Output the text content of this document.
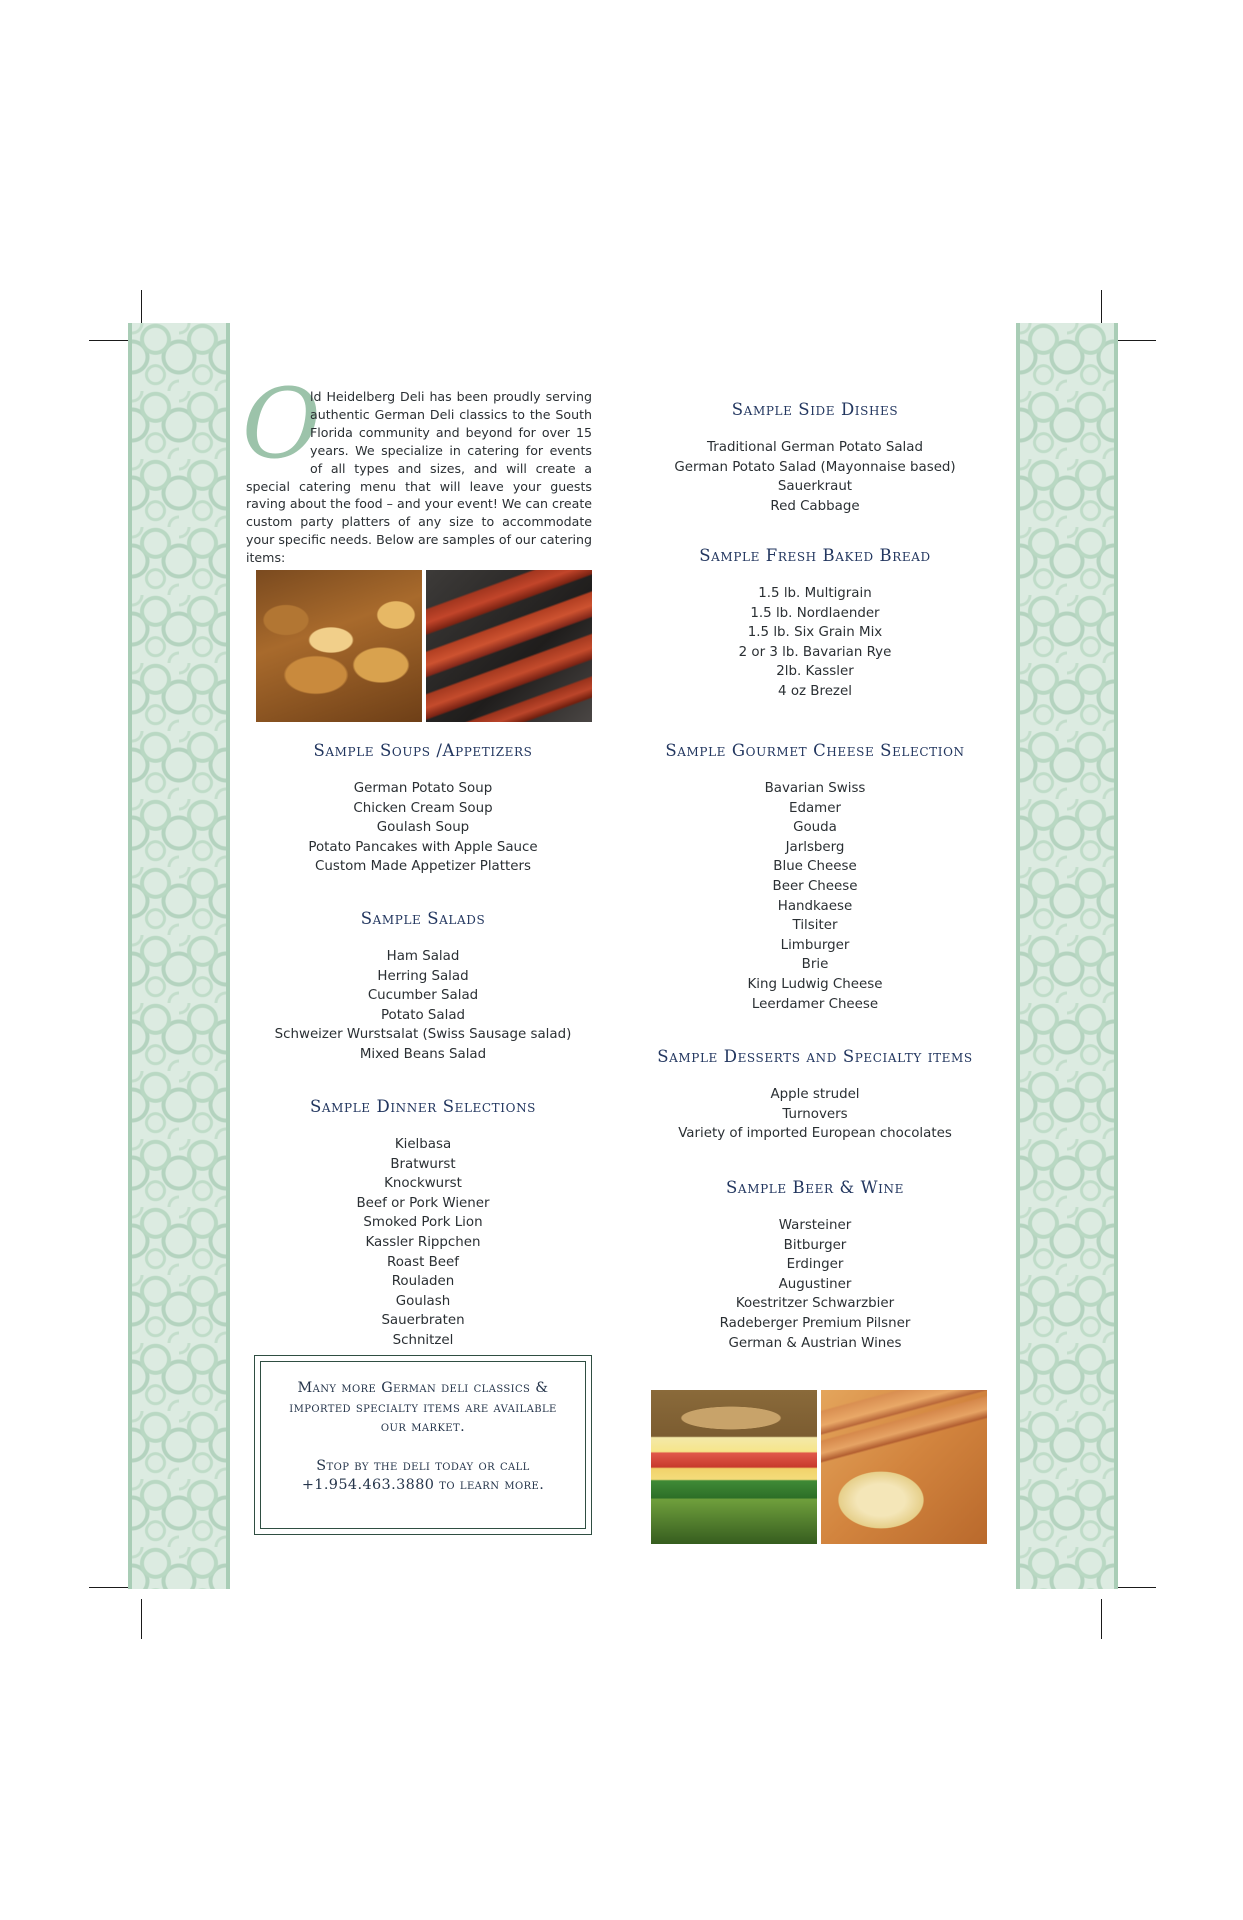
O
ld Heidelberg Deli has been proudly serving authentic German Deli classics to the South Florida community and beyond for over 15 years. We specialize in catering for events of all types and sizes, and will create a special catering menu that will leave your guests raving about the food – and your event! We can create custom party platters of any size to accommodate your specific needs. Below are samples of our catering items:
Sample Soups /Appetizers
German Potato Soup
Chicken Cream Soup
Goulash Soup
Potato Pancakes with Apple Sauce
Custom Made Appetizer Platters
Sample Salads
Ham Salad
Herring Salad
Cucumber Salad
Potato Salad
Schweizer Wurstsalat (Swiss Sausage salad)
Mixed Beans Salad
Sample Dinner Selections
Kielbasa
Bratwurst
Knockwurst
Beef or Pork Wiener
Smoked Pork Lion
Kassler Rippchen
Roast Beef
Rouladen
Goulash
Sauerbraten
Schnitzel

Many more German deli classics & imported specialty items are available our market.

Stop by the deli today or call +1.954.463.3880 to learn more.

Sample Side Dishes
Traditional German Potato Salad
German Potato Salad (Mayonnaise based)
Sauerkraut
Red Cabbage
Sample Fresh Baked Bread
1.5 lb. Multigrain
1.5 lb. Nordlaender
1.5 lb. Six Grain Mix
2 or 3 lb. Bavarian Rye
2lb. Kassler
4 oz Brezel
Sample Gourmet Cheese Selection
Bavarian Swiss
Edamer
Gouda
Jarlsberg
Blue Cheese
Beer Cheese
Handkaese
Tilsiter
Limburger
Brie
King Ludwig Cheese
Leerdamer Cheese
Sample Desserts and Specialty items
Apple strudel
Turnovers
Variety of imported European chocolates
Sample Beer & Wine
Warsteiner
Bitburger
Erdinger
Augustiner
Koestritzer Schwarzbier
Radeberger Premium Pilsner
German & Austrian Wines
